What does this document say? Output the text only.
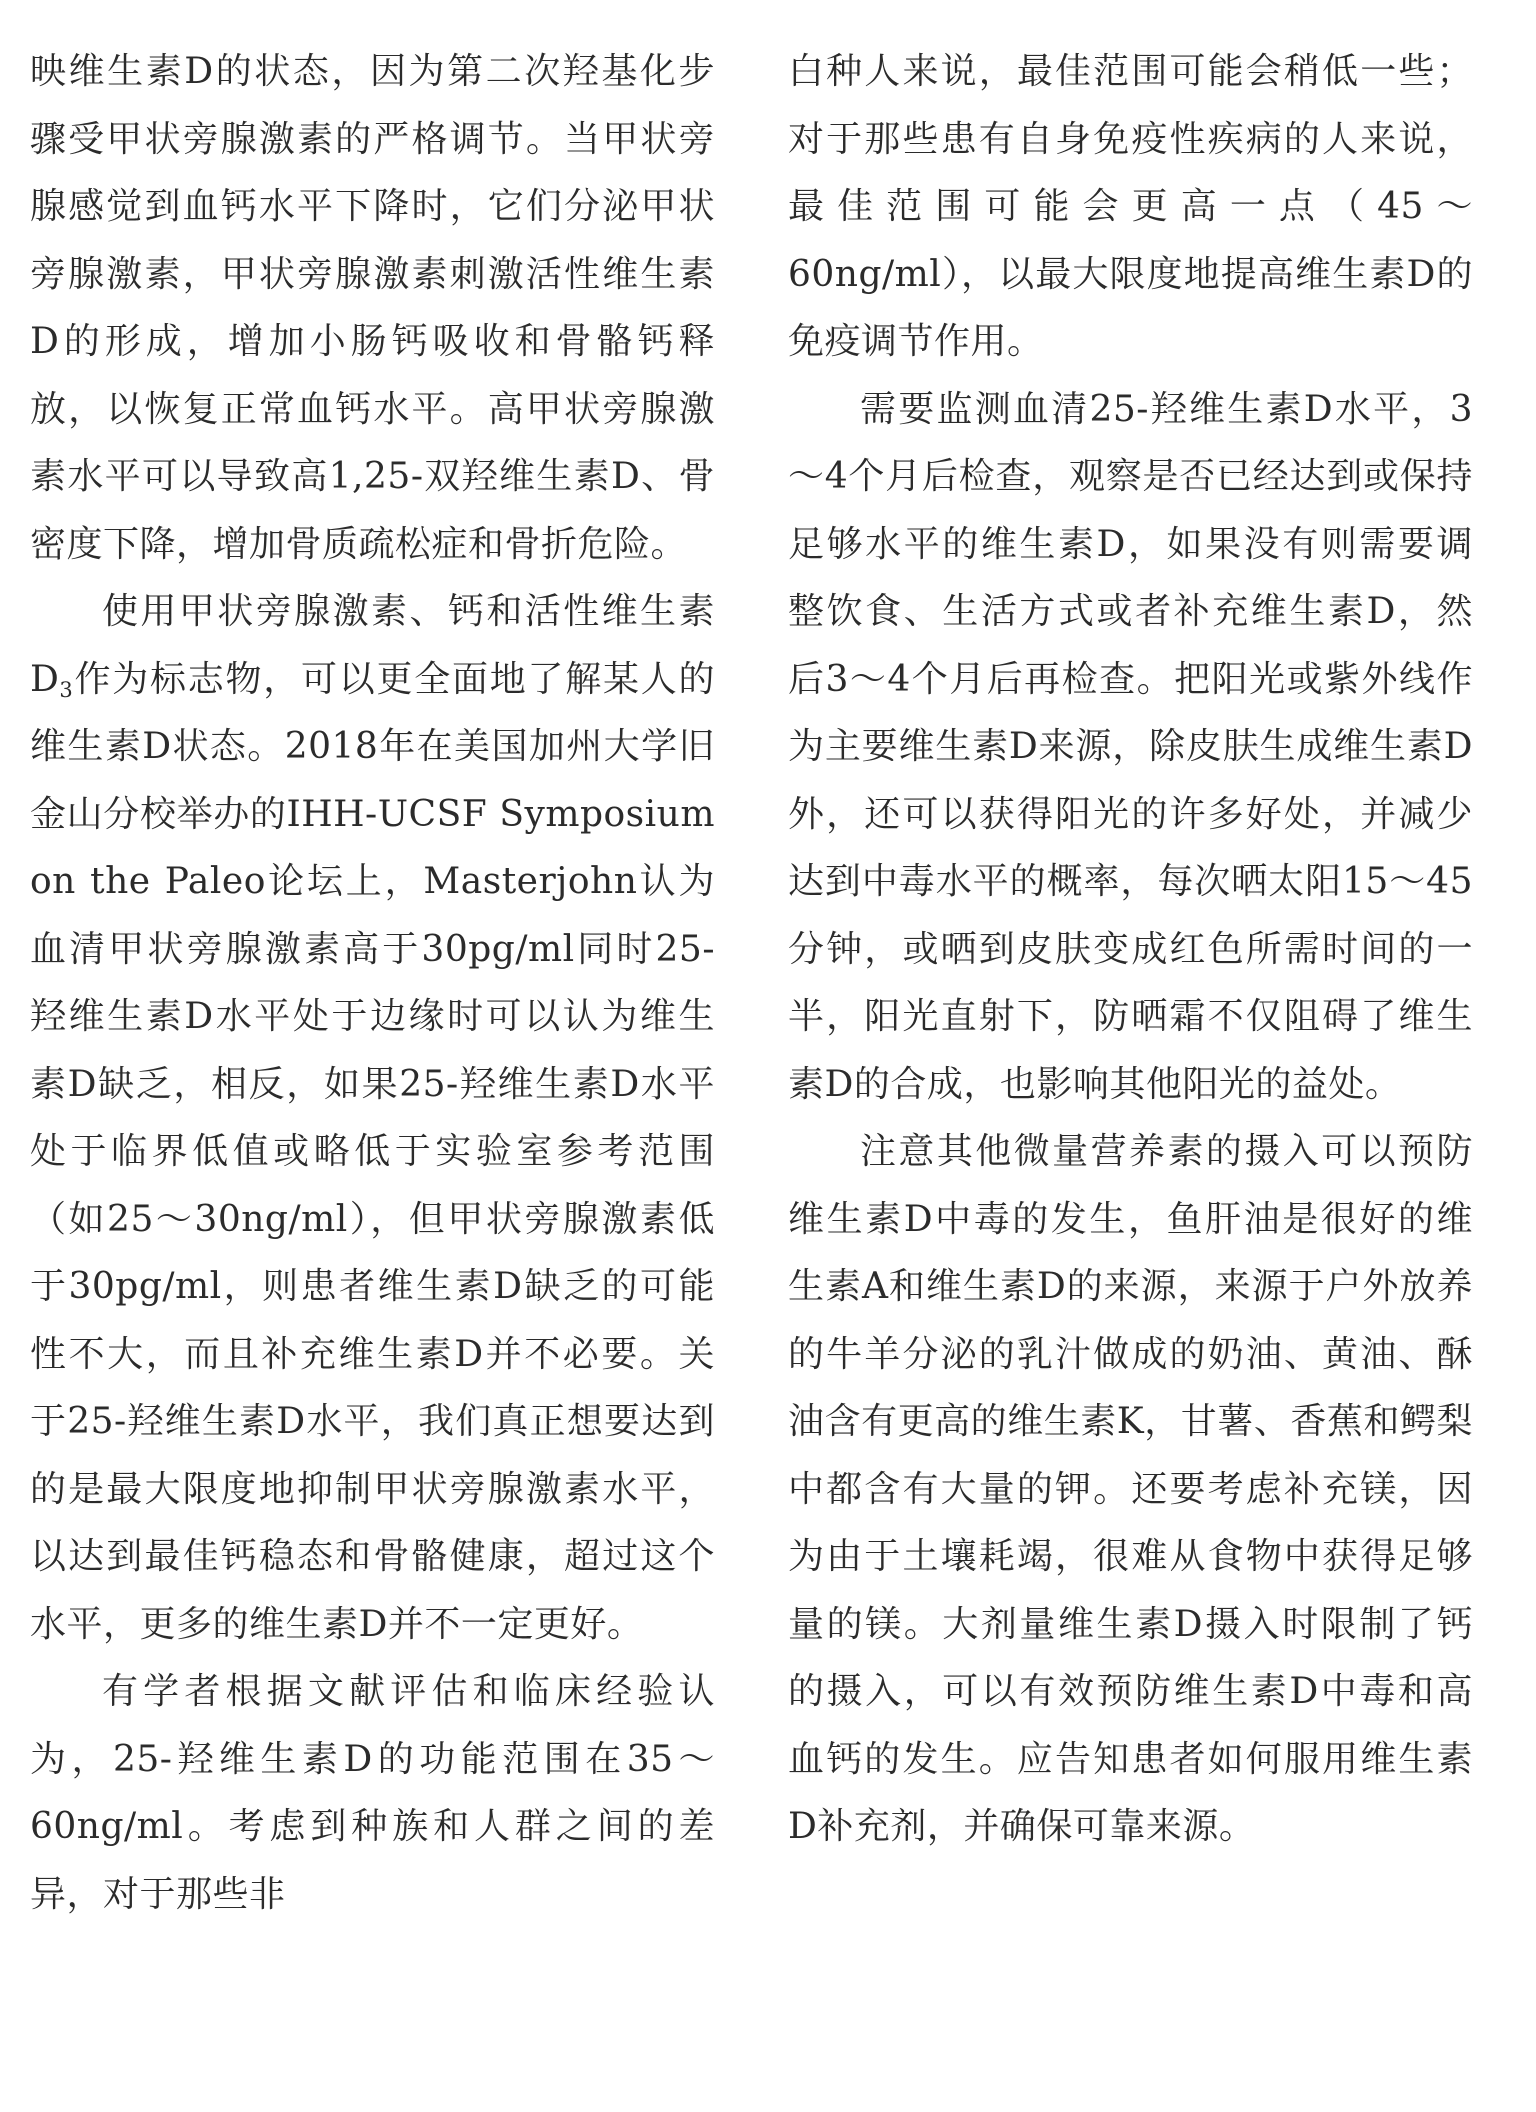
映维生素D的状态，因为第二次羟基化步骤受甲状旁腺激素的严格调节。当甲状旁腺感觉到血钙水平下降时，它们分泌甲状旁腺激素，甲状旁腺激素刺激活性维生素D的形成，增加小肠钙吸收和骨骼钙释放，以恢复正常血钙水平。高甲状旁腺激素水平可以导致高1,25-双羟维生素D、骨密度下降，增加骨质疏松症和骨折危险。

使用甲状旁腺激素、钙和活性维生素$D_3$作为标志物，可以更全面地了解某人的维生素D状态。2018年在美国加州大学旧金山分校举办的IHH-UCSF Symposium on the Paleo论坛上，Masterjohn认为血清甲状旁腺激素高于30pg/ml同时25-羟维生素D水平处于边缘时可以认为维生素D缺乏，相反，如果25-羟维生素D水平处于临界低值或略低于实验室参考范围（如25～30ng/ml），但甲状旁腺激素低于30pg/ml，则患者维生素D缺乏的可能性不大，而且补充维生素D并不必要。关于25-羟维生素D水平，我们真正想要达到的是最大限度地抑制甲状旁腺激素水平，以达到最佳钙稳态和骨骼健康，超过这个水平，更多的维生素D并不一定更好。

有学者根据文献评估和临床经验认为，25-羟维生素D的功能范围在35～60ng/ml。考虑到种族和人群之间的差异，对于那些非

白种人来说，最佳范围可能会稍低一些；对于那些患有自身免疫性疾病的人来说，最佳范围可能会更高一点（45～60ng/ml），以最大限度地提高维生素D的免疫调节作用。

需要监测血清25-羟维生素D水平，3～4个月后检查，观察是否已经达到或保持足够水平的维生素D，如果没有则需要调整饮食、生活方式或者补充维生素D，然后3～4个月后再检查。把阳光或紫外线作为主要维生素D来源，除皮肤生成维生素D外，还可以获得阳光的许多好处，并减少达到中毒水平的概率，每次晒太阳15～45分钟，或晒到皮肤变成红色所需时间的一半，阳光直射下，防晒霜不仅阻碍了维生素D的合成，也影响其他阳光的益处。

注意其他微量营养素的摄入可以预防维生素D中毒的发生，鱼肝油是很好的维生素A和维生素D的来源，来源于户外放养的牛羊分泌的乳汁做成的奶油、黄油、酥油含有更高的维生素K，甘薯、香蕉和鳄梨中都含有大量的钾。还要考虑补充镁，因为由于土壤耗竭，很难从食物中获得足够量的镁。大剂量维生素D摄入时限制了钙的摄入，可以有效预防维生素D中毒和高血钙的发生。应告知患者如何服用维生素D补充剂，并确保可靠来源。
